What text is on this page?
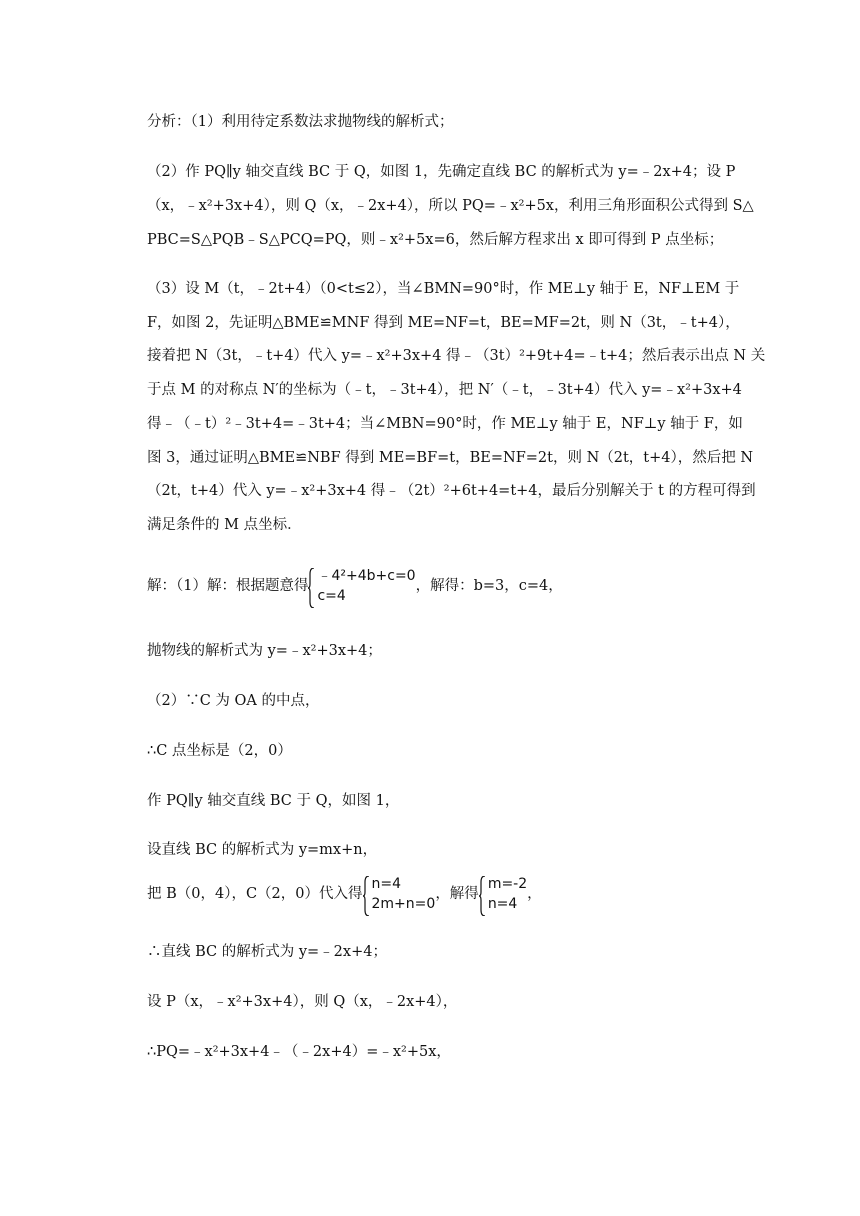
分析：（1）利用待定系数法求抛物线的解析式；
（2）作 PQ∥y 轴交直线 BC 于 Q，如图 1，先确定直线 BC 的解析式为 y=﹣2x+4；设 P
（x，﹣x²+3x+4），则 Q（x，﹣2x+4），所以 PQ=﹣x²+5x，利用三角形面积公式得到 S△
PBC=S△PQB﹣S△PCQ=PQ，则﹣x²+5x=6，然后解方程求出 x 即可得到 P 点坐标；
（3）设 M（t，﹣2t+4）（0<t≤2），当∠BMN=90°时，作 ME⊥y 轴于 E，NF⊥EM 于
F，如图 2，先证明△BME≌MNF 得到 ME=NF=t，BE=MF=2t，则 N（3t，﹣t+4），
接着把 N（3t，﹣t+4）代入 y=﹣x²+3x+4 得﹣（3t）²+9t+4=﹣t+4；然后表示出点 N 关
于点 M 的对称点 N′的坐标为（﹣t，﹣3t+4），把 N′（﹣t，﹣3t+4）代入 y=﹣x²+3x+4
得﹣（﹣t）²﹣3t+4=﹣3t+4；当∠MBN=90°时，作 ME⊥y 轴于 E，NF⊥y 轴于 F，如
图 3，通过证明△BME≌NBF 得到 ME=BF=t，BE=NF=2t，则 N（2t，t+4），然后把 N
（2t，t+4）代入 y=﹣x²+3x+4 得﹣（2t）²+6t+4=t+4，最后分别解关于 t 的方程可得到
满足条件的 M 点坐标．
解：（1）解：根据题意得
﹣4²+4b+c=0
c=4
，解得：b=3，c=4，
抛物线的解析式为 y=﹣x²+3x+4；
（2）∵C 为 OA 的中点，
∴C 点坐标是（2，0）
作 PQ∥y 轴交直线 BC 于 Q，如图 1，
设直线 BC 的解析式为 y=mx+n，
把 B（0，4），C（2，0）代入得
n=4
2m+n=0
，解得
m=-2
n=4
，
∴直线 BC 的解析式为 y=﹣2x+4；
设 P（x，﹣x²+3x+4），则 Q（x，﹣2x+4），
∴PQ=﹣x²+3x+4﹣（﹣2x+4）=﹣x²+5x，
